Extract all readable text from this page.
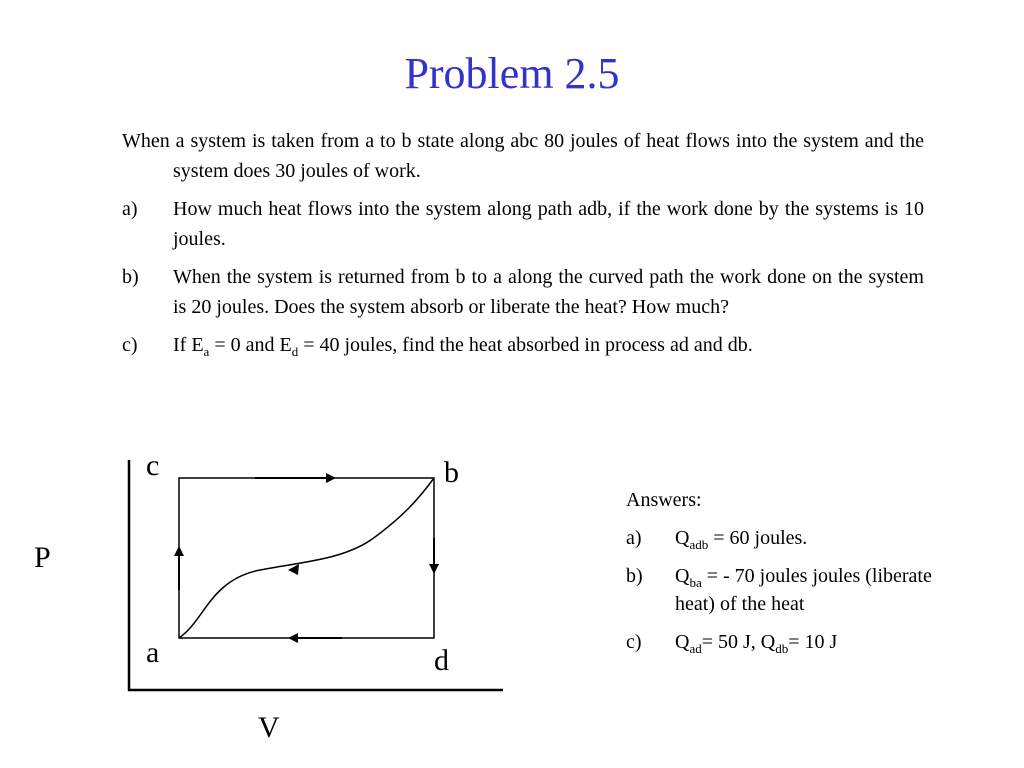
Problem 2.5
When a system is taken from a to b state along abc 80 joules of heat flows into the system and the system does 30 joules of work.
a)	How much heat flows into the system along path adb, if the work done by the systems is 10 joules.
b)	When the system is returned from b to a along the curved path the work done on the system is 20 joules. Does the system absorb or liberate the heat? How much?
c)	If $E_a = 0$ and $E_d = 40$ joules, find the heat absorbed in process ad and db.
c	b
a	d
P
V
Answers:
a)	$Q_{adb} = 60$ joules.
b)	$Q_{ba}$ = - 70 joules joules (liberate heat) of the heat
c)	$Q_{ad}= 50$ J, $Q_{db}= 10$ J
